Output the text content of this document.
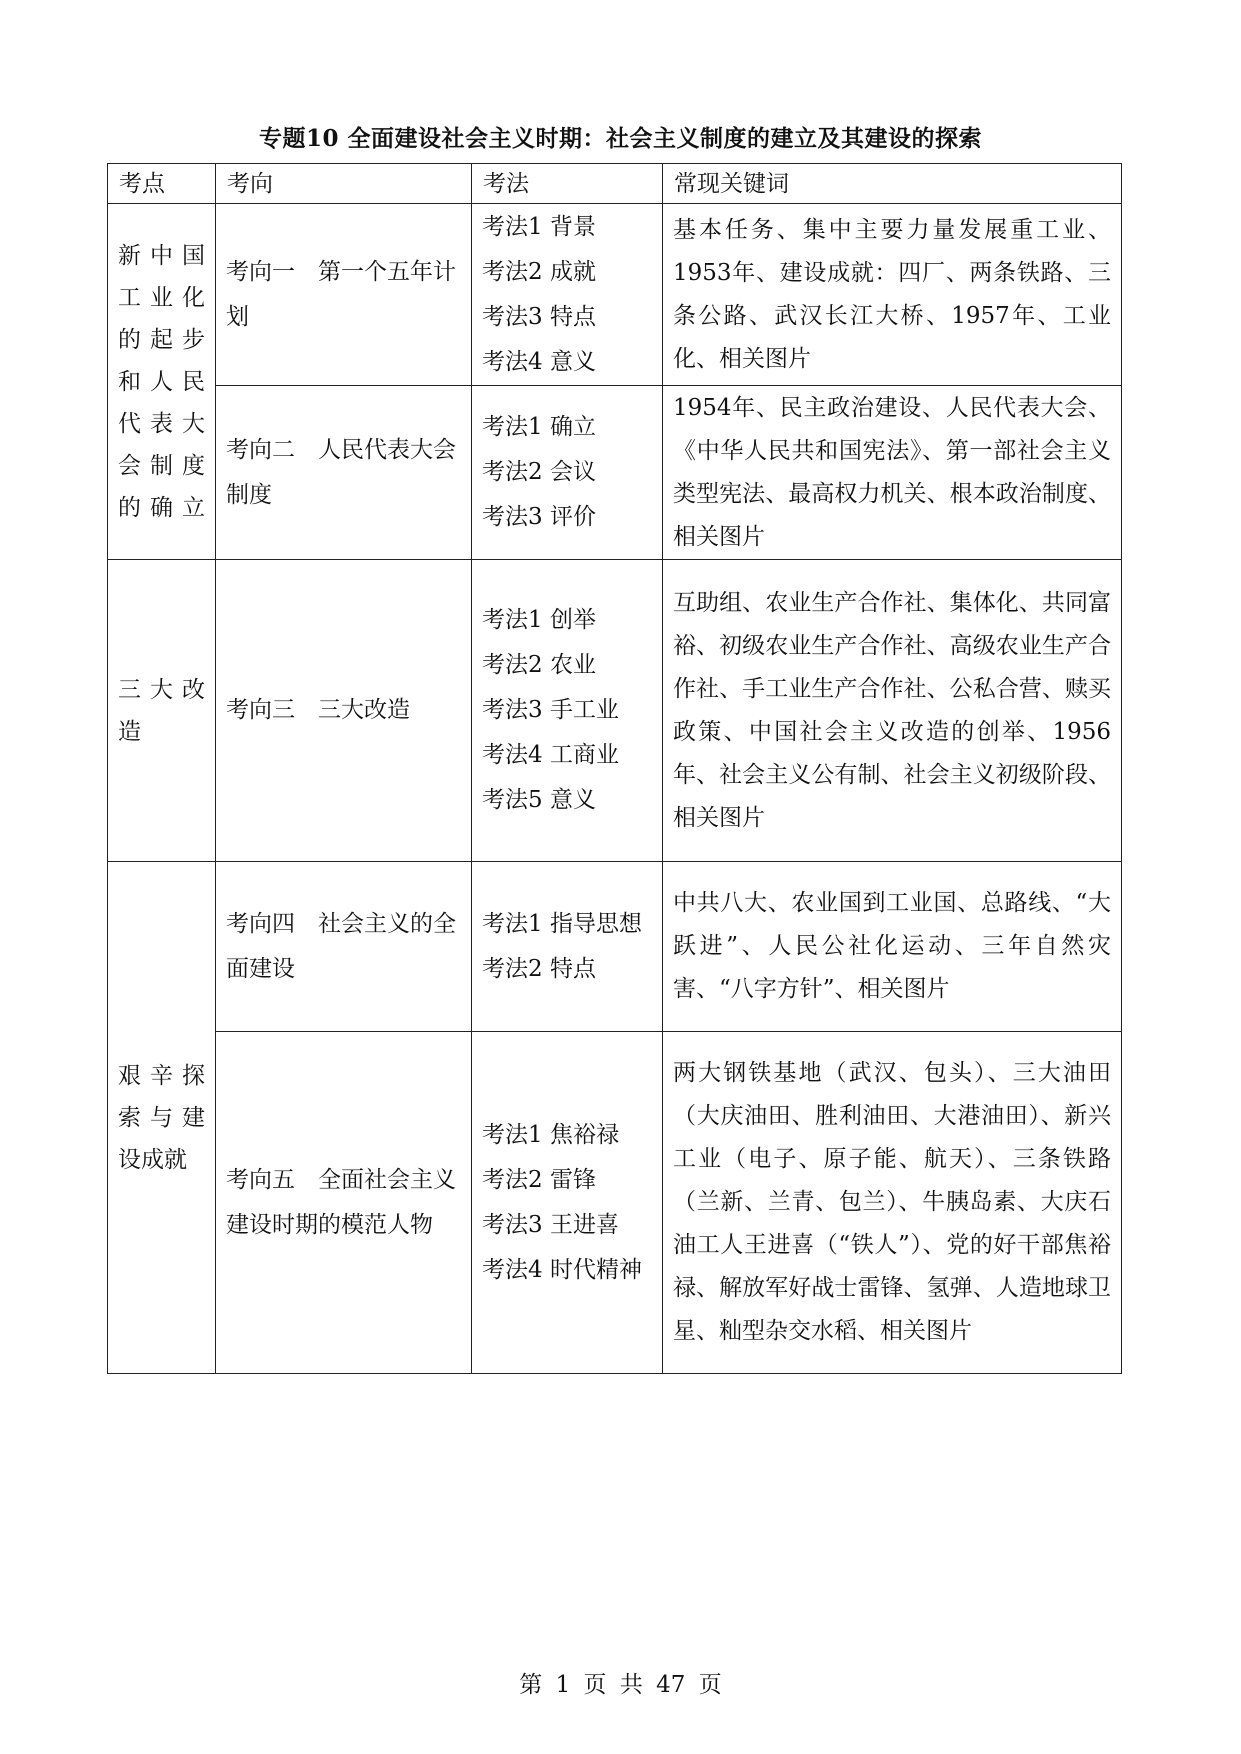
专题10 全面建设社会主义时期：社会主义制度的建立及其建设的探索
考点	考向	考法	常现关键词
新中国工业化的起步和人民代表大会制度的确立	考向一　第一个五年计划	考法1 背景
考法2 成就
考法3 特点
考法4 意义	基本任务、集中主要力量发展重工业、1953年、建设成就：四厂、两条铁路、三条公路、武汉长江大桥、1957年、工业化、相关图片
	考向二　人民代表大会制度	考法1 确立
考法2 会议
考法3 评价	1954年、民主政治建设、人民代表大会、《中华人民共和国宪法》、第一部社会主义类型宪法、最高权力机关、根本政治制度、相关图片
三大改造	考向三　三大改造	考法1 创举
考法2 农业
考法3 手工业
考法4 工商业
考法5 意义	互助组、农业生产合作社、集体化、共同富裕、初级农业生产合作社、高级农业生产合作社、手工业生产合作社、公私合营、赎买政策、中国社会主义改造的创举、1956年、社会主义公有制、社会主义初级阶段、相关图片
艰辛探索与建设成就	考向四　社会主义的全面建设	考法1 指导思想
考法2 特点	中共八大、农业国到工业国、总路线、“大跃进”、人民公社化运动、三年自然灾害、“八字方针”、相关图片
	考向五　全面社会主义建设时期的模范人物	考法1 焦裕禄
考法2 雷锋
考法3 王进喜
考法4 时代精神	两大钢铁基地（武汉、包头）、三大油田（大庆油田、胜利油田、大港油田）、新兴工业（电子、原子能、航天）、三条铁路（兰新、兰青、包兰）、牛胰岛素、大庆石油工人王进喜（“铁人”）、党的好干部焦裕禄、解放军好战士雷锋、氢弹、人造地球卫星、籼型杂交水稻、相关图片
第 1 页 共 47 页
